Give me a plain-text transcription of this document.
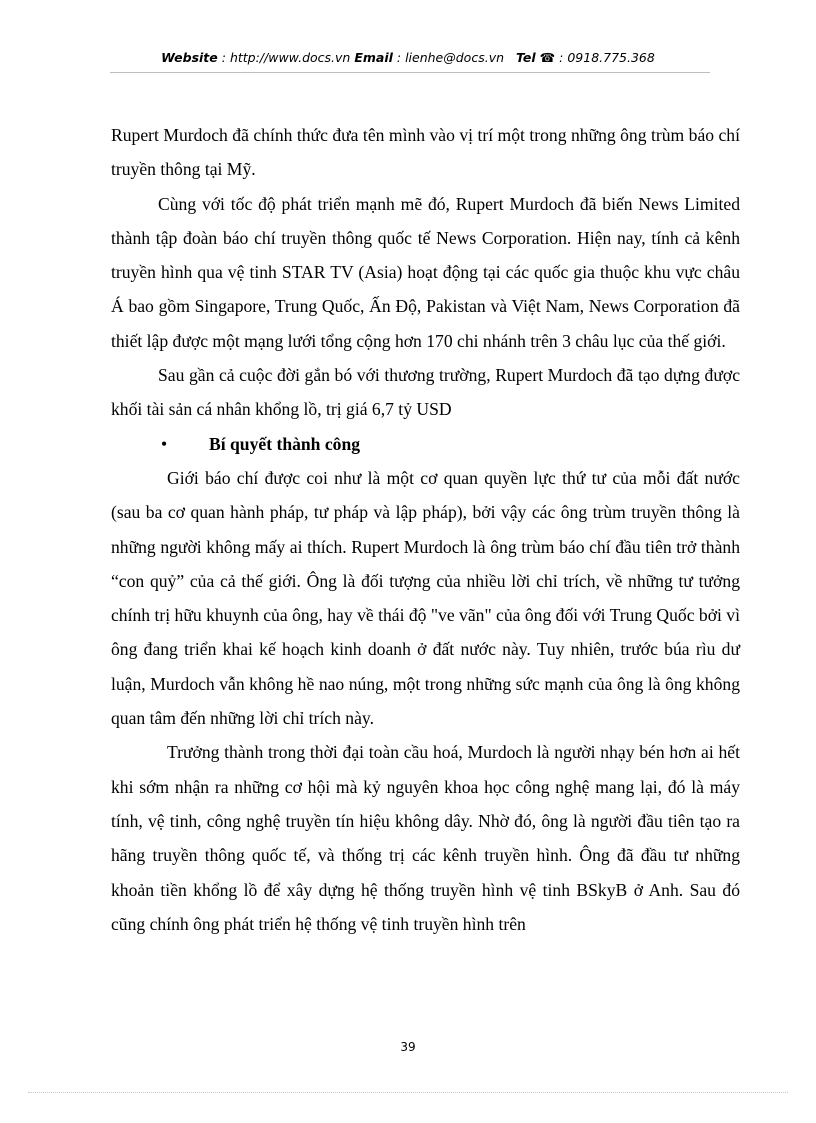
Website : http://www.docs.vn Email : lienhe@docs.vn Tel ☎ : 0918.775.368

Rupert Murdoch đã chính thức đưa tên mình vào vị trí một trong những ông trùm báo chí truyền thông tại Mỹ.

Cùng với tốc độ phát triển mạnh mẽ đó, Rupert Murdoch đã biến News Limited thành tập đoàn báo chí truyền thông quốc tế News Corporation. Hiện nay, tính cả kênh truyền hình qua vệ tinh STAR TV (Asia) hoạt động tại các quốc gia thuộc khu vực châu Á bao gồm Singapore, Trung Quốc, Ấn Độ, Pakistan và Việt Nam, News Corporation đã thiết lập được một mạng lưới tổng cộng hơn 170 chi nhánh trên 3 châu lục của thế giới.

Sau gần cả cuộc đời gắn bó với thương trường, Rupert Murdoch đã tạo dựng được khối tài sản cá nhân khổng lồ, trị giá 6,7 tỷ USD

•	Bí quyết thành công

Giới báo chí được coi như là một cơ quan quyền lực thứ tư của mỗi đất nước (sau ba cơ quan hành pháp, tư pháp và lập pháp), bởi vậy các ông trùm truyền thông là những người không mấy ai thích. Rupert Murdoch là ông trùm báo chí đầu tiên trở thành “con quỷ” của cả thế giới. Ông là đối tượng của nhiều lời chỉ trích, về những tư tưởng chính trị hữu khuynh của ông, hay về thái độ "ve vãn" của ông đối với Trung Quốc bởi vì ông đang triển khai kế hoạch kinh doanh ở đất nước này. Tuy nhiên, trước búa rìu dư luận, Murdoch vẫn không hề nao núng, một trong những sức mạnh của ông là ông không quan tâm đến những lời chỉ trích này.

Trưởng thành trong thời đại toàn cầu hoá, Murdoch là người nhạy bén hơn ai hết khi sớm nhận ra những cơ hội mà kỷ nguyên khoa học công nghệ mang lại, đó là máy tính, vệ tinh, công nghệ truyền tín hiệu không dây. Nhờ đó, ông là người đầu tiên tạo ra hãng truyền thông quốc tế, và thống trị các kênh truyền hình. Ông đã đầu tư những khoản tiền khổng lồ để xây dựng hệ thống truyền hình vệ tinh BSkyB ở Anh. Sau đó cũng chính ông phát triển hệ thống vệ tinh truyền hình trên

39
